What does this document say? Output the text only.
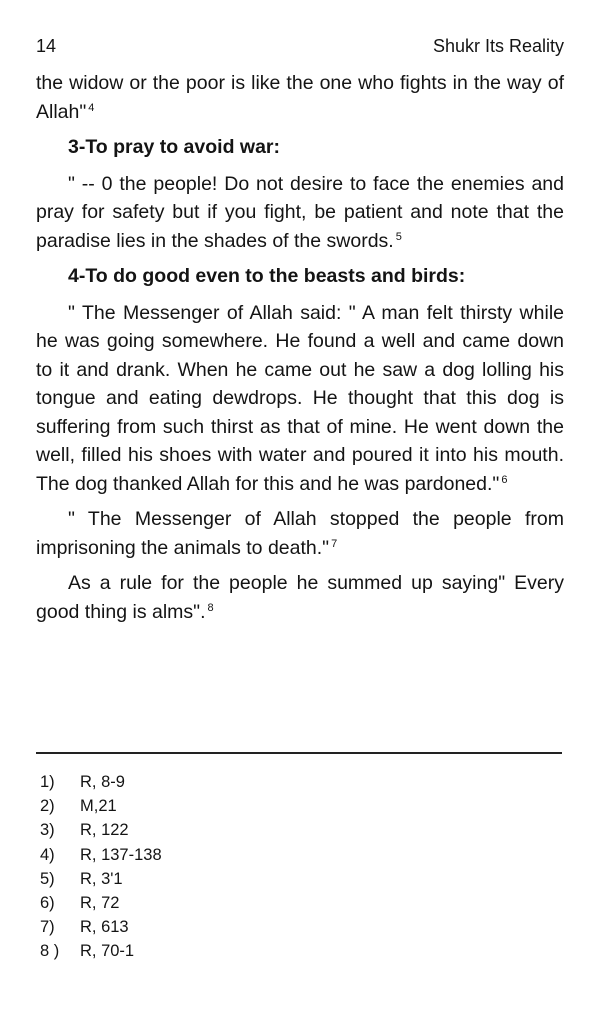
14	Shukr Its Reality

the widow or the poor is like the one who fights in the way of Allah" $^4$

3-To pray to avoid war:

" -- 0 the people! Do not desire to face the enemies and pray for safety but if you fight, be patient and note that the paradise lies in the shades of the swords. $^5$

4-To do good even to the beasts and birds:

" The Messenger of Allah said: " A man felt thirsty while he was going somewhere. He found a well and came down to it and drank. When he came out he saw a dog lolling his tongue and eating dewdrops. He thought that this dog is suffering from such thirst as that of mine. He went down the well, filled his shoes with water and poured it into his mouth. The dog thanked Allah for this and he was pardoned." $^6$

" The Messenger of Allah stopped the people from imprisoning the animals to death." $^7$

As a rule for the people he summed up saying" Every good thing is alms". $^8$

1) R, 8-9
2) M,21
3) R, 122
4) R, 137-138
5) R, 3'1
6) R, 72
7) R, 613
8 ) R, 70-1
